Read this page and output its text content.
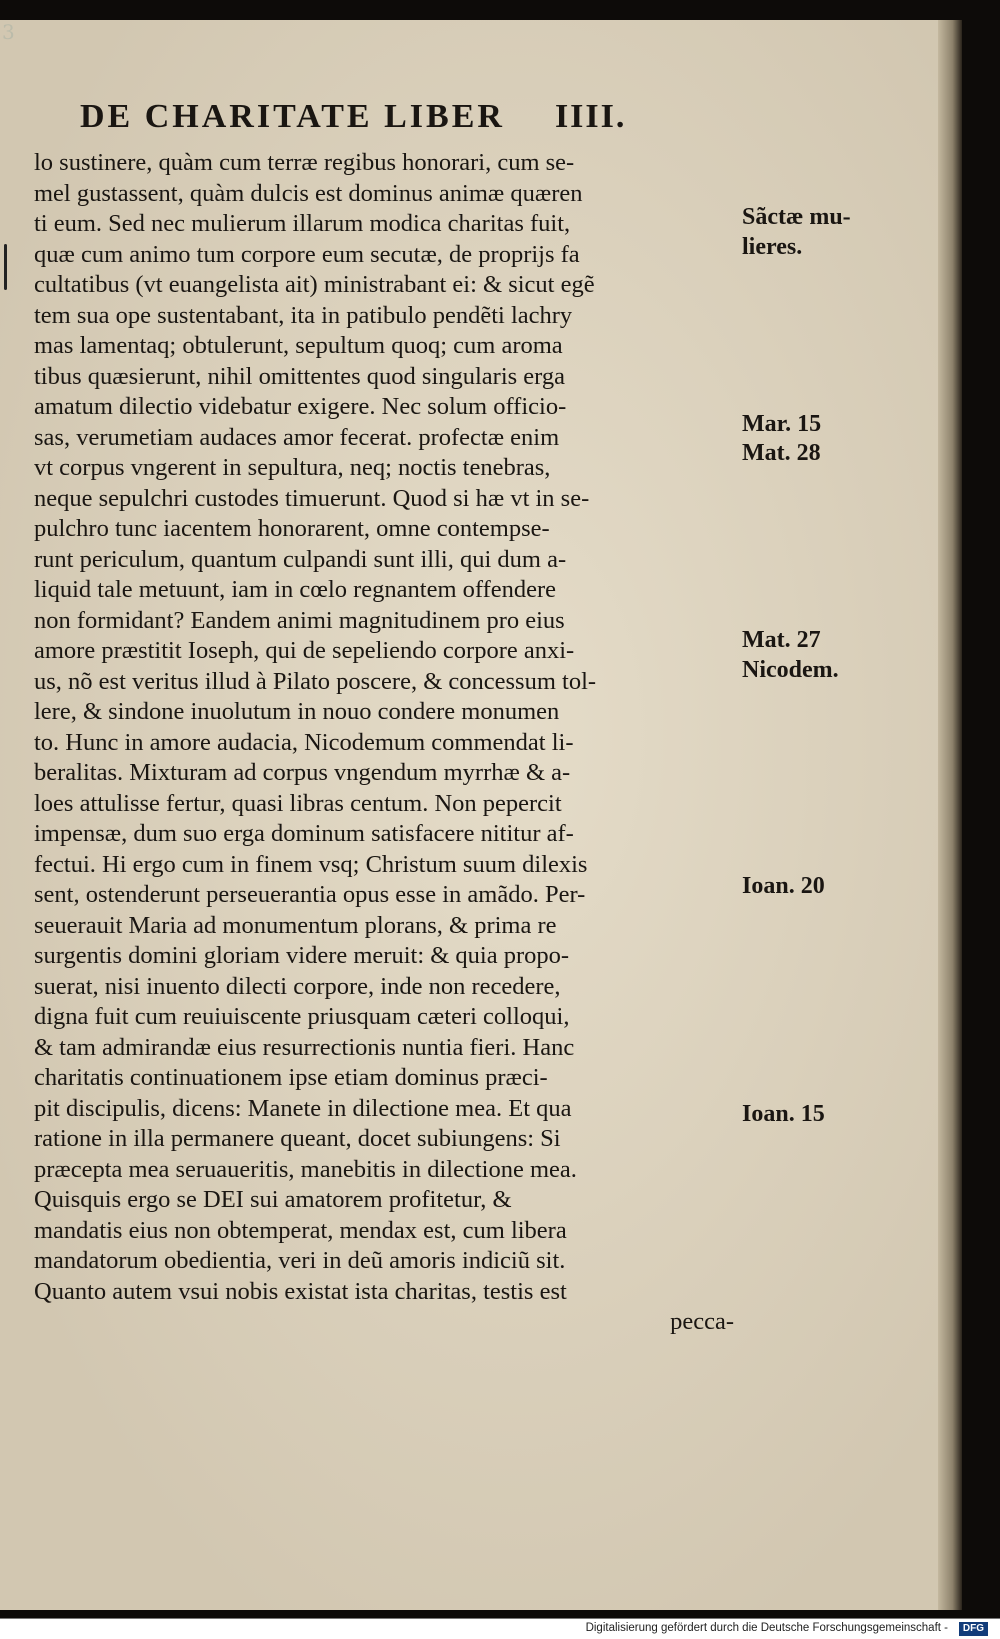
3
DE CHARITATE LIBER IIII.
lo sustinere, quàm cum terræ regibus honorari, cum se-
mel gustassent, quàm dulcis est dominus animæ quæren
ti eum. Sed nec mulierum illarum modica charitas fuit,
quæ cum animo tum corpore eum secutæ, de proprijs fa
cultatibus (vt euangelista ait) ministrabant ei: & sicut egẽ
tem sua ope sustentabant, ita in patibulo pendẽti lachry
mas lamentaq; obtulerunt, sepultum quoq; cum aroma
tibus quæsierunt, nihil omittentes quod singularis erga
amatum dilectio videbatur exigere. Nec solum officio-
sas, verumetiam audaces amor fecerat. profectæ enim
vt corpus vngerent in sepultura, neq; noctis tenebras,
neque sepulchri custodes timuerunt. Quod si hæ vt in se-
pulchro tunc iacentem honorarent, omne contempse-
runt periculum, quantum culpandi sunt illi, qui dum a-
liquid tale metuunt, iam in cœlo regnantem offendere
non formidant? Eandem animi magnitudinem pro eius
amore præstitit Ioseph, qui de sepeliendo corpore anxi-
us, nõ est veritus illud à Pilato poscere, & concessum tol-
lere, & sindone inuolutum in nouo condere monumen
to. Hunc in amore audacia, Nicodemum commendat li-
beralitas. Mixturam ad corpus vngendum myrrhæ & a-
loes attulisse fertur, quasi libras centum. Non pepercit
impensæ, dum suo erga dominum satisfacere nititur af-
fectui. Hi ergo cum in finem vsq; Christum suum dilexis
sent, ostenderunt perseuerantia opus esse in amãdo. Per-
seuerauit Maria ad monumentum plorans, & prima re
surgentis domini gloriam videre meruit: & quia propo-
suerat, nisi inuento dilecti corpore, inde non recedere,
digna fuit cum reuiuiscente priusquam cæteri colloqui,
& tam admirandæ eius resurrectionis nuntia fieri. Hanc
charitatis continuationem ipse etiam dominus præci-
pit discipulis, dicens: Manete in dilectione mea. Et qua
ratione in illa permanere queant, docet subiungens: Si
præcepta mea seruaueritis, manebitis in dilectione mea.
Quisquis ergo se DEI sui amatorem profitetur, &
mandatis eius non obtemperat, mendax est, cum libera
mandatorum obedientia, veri in deũ amoris indiciũ sit.
Quanto autem vsui nobis existat ista charitas, testis est
pecca-
Sãctæ mu-
lieres.
Mar. 15
Mat. 28
Mat. 27
Nicodem.
Ioan. 20
Ioan. 15
Digitalisierung gefördert durch die Deutsche Forschungsgemeinschaft -	DFG
